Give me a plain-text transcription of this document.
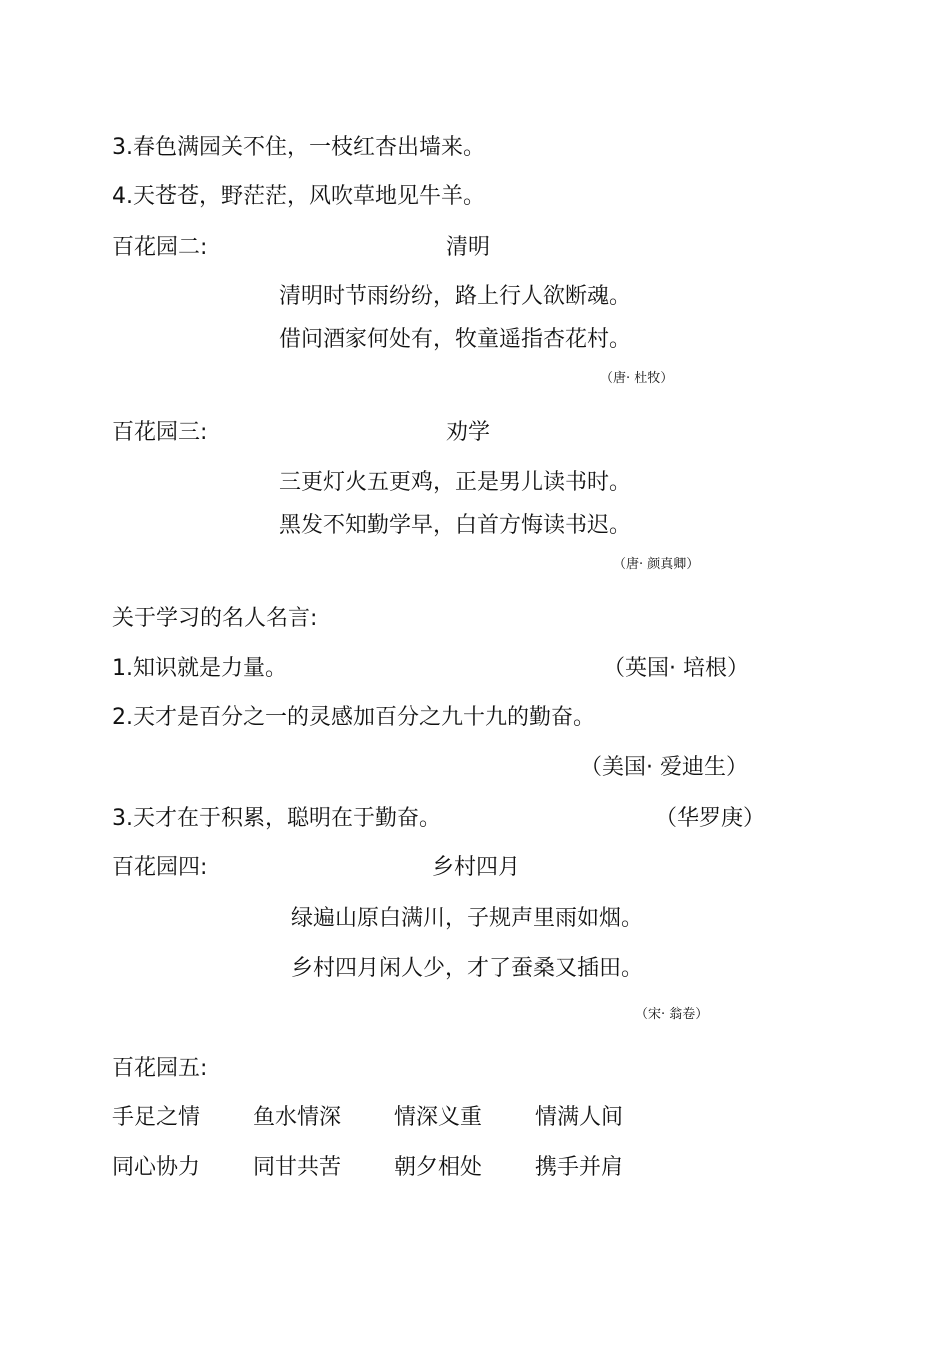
3.春色满园关不住，一枝红杏出墙来。
4.天苍苍，野茫茫，风吹草地见牛羊。
百花园二:	清明
清明时节雨纷纷，路上行人欲断魂。
借问酒家何处有，牧童遥指杏花村。
（唐· 杜牧）
百花园三:	劝学
三更灯火五更鸡，正是男儿读书时。
黑发不知勤学早，白首方悔读书迟。
（唐· 颜真卿）
关于学习的名人名言:
1.知识就是力量。	（英国· 培根）
2.天才是百分之一的灵感加百分之九十九的勤奋。
（美国· 爱迪生）
3.天才在于积累，聪明在于勤奋。	（华罗庚）
百花园四:	乡村四月
绿遍山原白满川，子规声里雨如烟。
乡村四月闲人少，才了蚕桑又插田。
（宋· 翁卷）
百花园五:
手足之情 鱼水情深 情深义重 情满人间
同心协力 同甘共苦 朝夕相处 携手并肩
